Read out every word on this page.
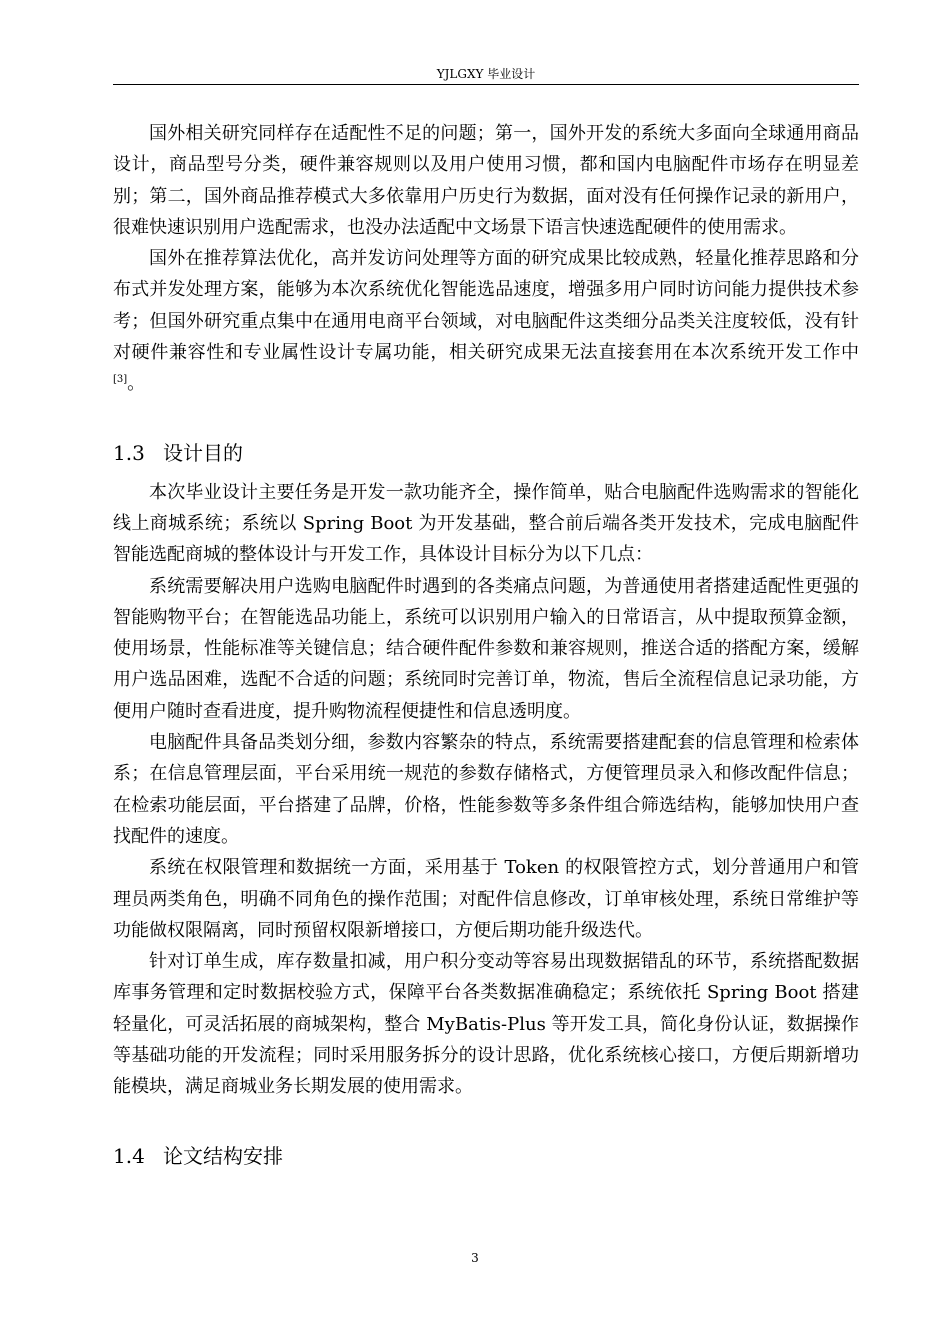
YJLGXY 毕业设计

国外相关研究同样存在适配性不足的问题；第一，国外开发的系统大多面向全球通用商品设计，商品型号分类，硬件兼容规则以及用户使用习惯，都和国内电脑配件市场存在明显差别；第二，国外商品推荐模式大多依靠用户历史行为数据，面对没有任何操作记录的新用户，很难快速识别用户选配需求，也没办法适配中文场景下语言快速选配硬件的使用需求。

国外在推荐算法优化，高并发访问处理等方面的研究成果比较成熟，轻量化推荐思路和分布式并发处理方案，能够为本次系统优化智能选品速度，增强多用户同时访问能力提供技术参考；但国外研究重点集中在通用电商平台领域，对电脑配件这类细分品类关注度较低，没有针对硬件兼容性和专业属性设计专属功能，相关研究成果无法直接套用在本次系统开发工作中[3]。

1.3 设计目的

本次毕业设计主要任务是开发一款功能齐全，操作简单，贴合电脑配件选购需求的智能化线上商城系统；系统以 Spring Boot 为开发基础，整合前后端各类开发技术，完成电脑配件智能选配商城的整体设计与开发工作，具体设计目标分为以下几点：

系统需要解决用户选购电脑配件时遇到的各类痛点问题，为普通使用者搭建适配性更强的智能购物平台；在智能选品功能上，系统可以识别用户输入的日常语言，从中提取预算金额，使用场景，性能标准等关键信息；结合硬件配件参数和兼容规则，推送合适的搭配方案，缓解用户选品困难，选配不合适的问题；系统同时完善订单，物流，售后全流程信息记录功能，方便用户随时查看进度，提升购物流程便捷性和信息透明度。

电脑配件具备品类划分细，参数内容繁杂的特点，系统需要搭建配套的信息管理和检索体系；在信息管理层面，平台采用统一规范的参数存储格式，方便管理员录入和修改配件信息；在检索功能层面，平台搭建了品牌，价格，性能参数等多条件组合筛选结构，能够加快用户查找配件的速度。

系统在权限管理和数据统一方面，采用基于 Token 的权限管控方式，划分普通用户和管理员两类角色，明确不同角色的操作范围；对配件信息修改，订单审核处理，系统日常维护等功能做权限隔离，同时预留权限新增接口，方便后期功能升级迭代。

针对订单生成，库存数量扣减，用户积分变动等容易出现数据错乱的环节，系统搭配数据库事务管理和定时数据校验方式，保障平台各类数据准确稳定；系统依托 Spring Boot 搭建轻量化，可灵活拓展的商城架构，整合 MyBatis-Plus 等开发工具，简化身份认证，数据操作等基础功能的开发流程；同时采用服务拆分的设计思路，优化系统核心接口，方便后期新增功能模块，满足商城业务长期发展的使用需求。

1.4 论文结构安排
3
